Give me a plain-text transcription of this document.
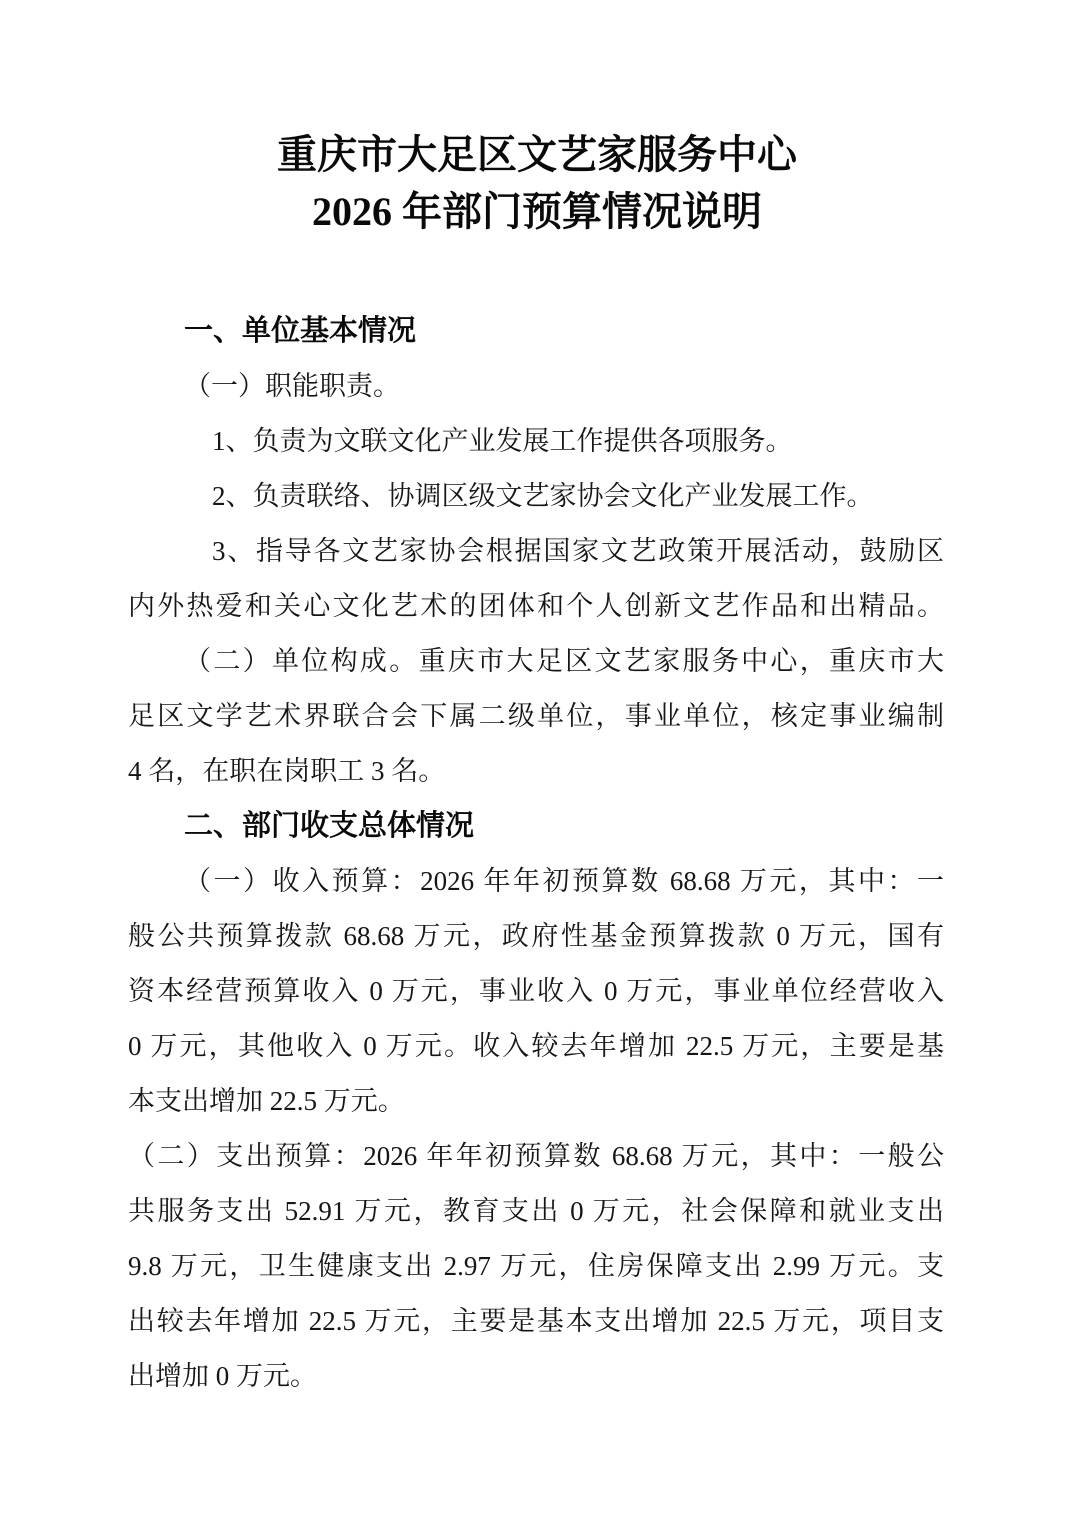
重庆市大足区文艺家服务中心
2026 年部门预算情况说明
一、单位基本情况
（一）职能职责。
1、负责为文联文化产业发展工作提供各项服务。
2、负责联络、协调区级文艺家协会文化产业发展工作。
3、指导各文艺家协会根据国家文艺政策开展活动，鼓励区
内外热爱和关心文化艺术的团体和个人创新文艺作品和出精品。
（二）单位构成。重庆市大足区文艺家服务中心，重庆市大
足区文学艺术界联合会下属二级单位，事业单位，核定事业编制
4 名，在职在岗职工 3 名。
二、部门收支总体情况
（一）收入预算：2026 年年初预算数 68.68 万元，其中：一
般公共预算拨款 68.68 万元，政府性基金预算拨款 0 万元，国有
资本经营预算收入 0 万元，事业收入 0 万元，事业单位经营收入
0 万元，其他收入 0 万元。收入较去年增加 22.5 万元，主要是基
本支出增加 22.5 万元。
（二）支出预算：2026 年年初预算数 68.68 万元，其中：一般公
共服务支出 52.91 万元，教育支出 0 万元，社会保障和就业支出
9.8 万元，卫生健康支出 2.97 万元，住房保障支出 2.99 万元。支
出较去年增加 22.5 万元，主要是基本支出增加 22.5 万元，项目支
出增加 0 万元。
